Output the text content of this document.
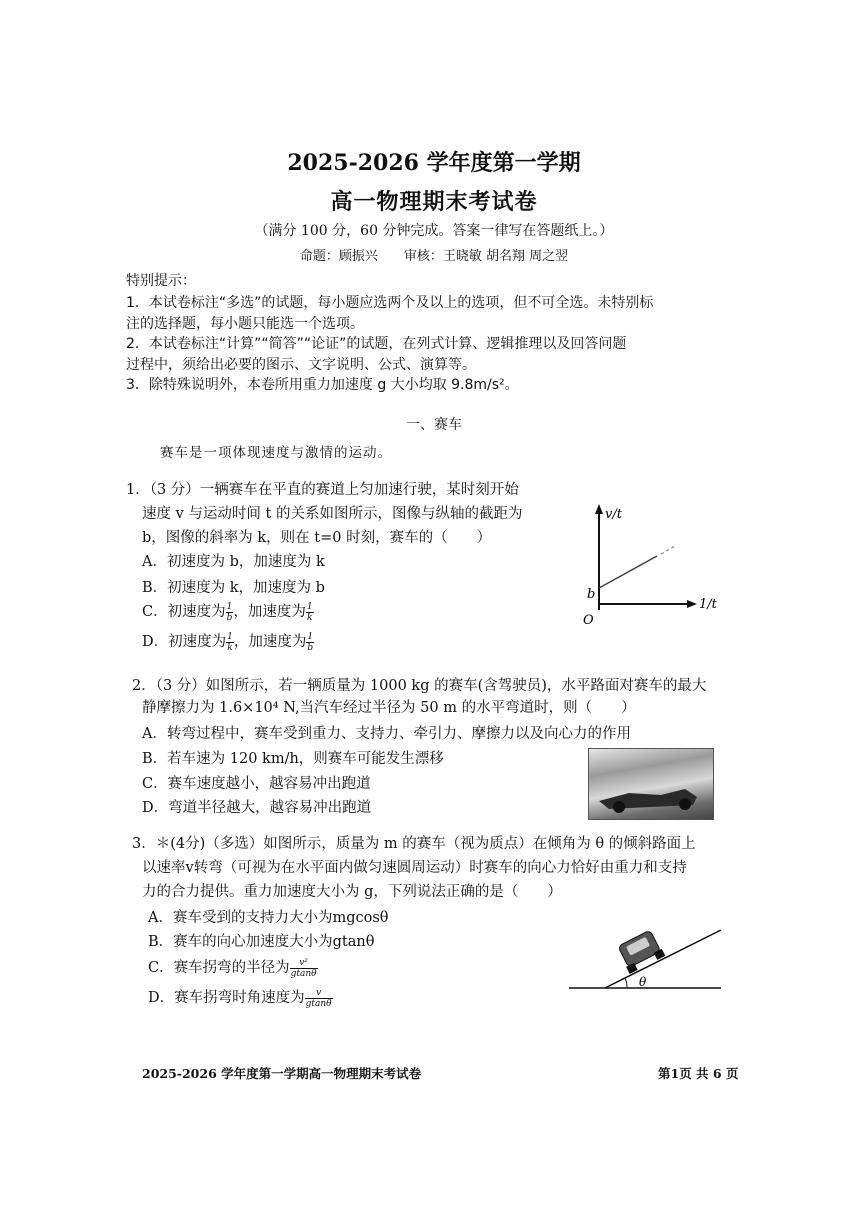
2025-2026 学年度第一学期
高一物理期末考试卷
（满分 100 分，60 分钟完成。答案一律写在答题纸上。）
命题：顾振兴　　审核：王晓敏 胡名翔 周之翌
特别提示：
1．本试卷标注“多选”的试题，每小题应选两个及以上的选项，但不可全选。未特别标
注的选择题，每小题只能选一个选项。
2．本试卷标注“计算”“简答”“论证”的试题，在列式计算、逻辑推理以及回答问题
过程中，须给出必要的图示、文字说明、公式、演算等。
3．除特殊说明外，本卷所用重力加速度 g 大小均取 9.8m/s²。
一、赛车
赛车是一项体现速度与激情的运动。
1．（3 分）一辆赛车在平直的赛道上匀加速行驶，某时刻开始
速度 v 与运动时间 t 的关系如图所示，图像与纵轴的截距为
b，图像的斜率为 k，则在 t=0 时刻，赛车的（　　）
A．初速度为 b，加速度为 k
B．初速度为 k，加速度为 b
C．初速度为 $\frac{1}{b}$ ，加速度为 $\frac{1}{k}$
D．初速度为 $\frac{1}{k}$ ，加速度为 $\frac{1}{b}$
v/t
1/t
b
O
2．（3 分）如图所示，若一辆质量为 1000 kg 的赛车(含驾驶员)，水平路面对赛车的最大
静摩擦力为 1.6×10⁴ N,当汽车经过半径为 50 m 的水平弯道时，则（　　）
A．转弯过程中，赛车受到重力、支持力、牵引力、摩擦力以及向心力的作用
B．若车速为 120 km/h，则赛车可能发生漂移
C．赛车速度越小，越容易冲出跑道
D．弯道半径越大，越容易冲出跑道
3．＊(4分)（多选）如图所示，质量为 m 的赛车（视为质点）在倾角为 θ 的倾斜路面上
以速率v转弯（可视为在水平面内做匀速圆周运动）时赛车的向心力恰好由重力和支持
力的合力提供。重力加速度大小为 g，下列说法正确的是（　　）
A．赛车受到的支持力大小为mgcosθ
B．赛车的向心加速度大小为gtanθ
C．赛车拐弯的半径为 $\frac{\text{v²}}{gtan\theta}$
D．赛车拐弯时角速度为 $\frac{v}{gtan\theta}$
θ
2025-2026 学年度第一学期高一物理期末考试卷	第1页 共 6 页
